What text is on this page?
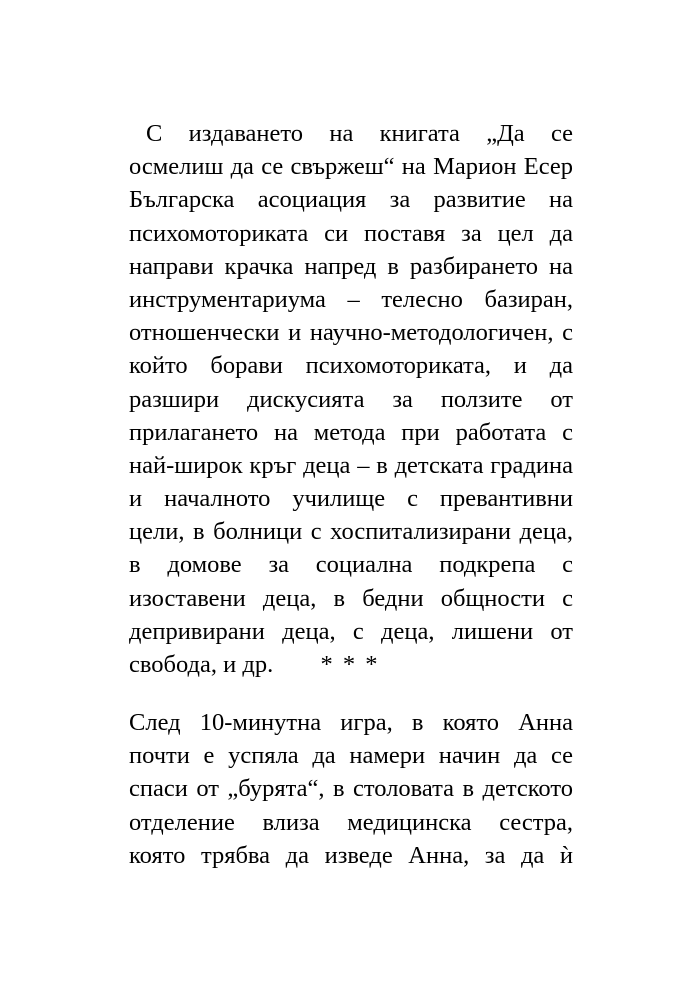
С издаването на книгата „Да се
осмелиш да се свържеш“ на Марион Есер
Българска асоциация за развитие на
психомоториката си поставя за цел да
направи крачка напред в разбирането на
инструментариума – телесно базиран,
отношенчески и научно-методологичен, с
който борави психомоториката, и да
разшири дискусията за ползите от
прилагането на метода при работата с
най-широк кръг деца – в детската градина
и началното училище с превантивни
цели, в болници с хоспитализирани деца,
в домове за социална подкрепа с
изоставени деца, в бедни общности с
депривирани деца, с деца, лишени от
свобода, и др.	* * *
След 10-минутна игра, в която Анна
почти е успяла да намери начин да се
спаси от „бурята“, в столовата в детското
отделение влиза медицинска сестра,
която трябва да изведе Анна, за да ѝ
